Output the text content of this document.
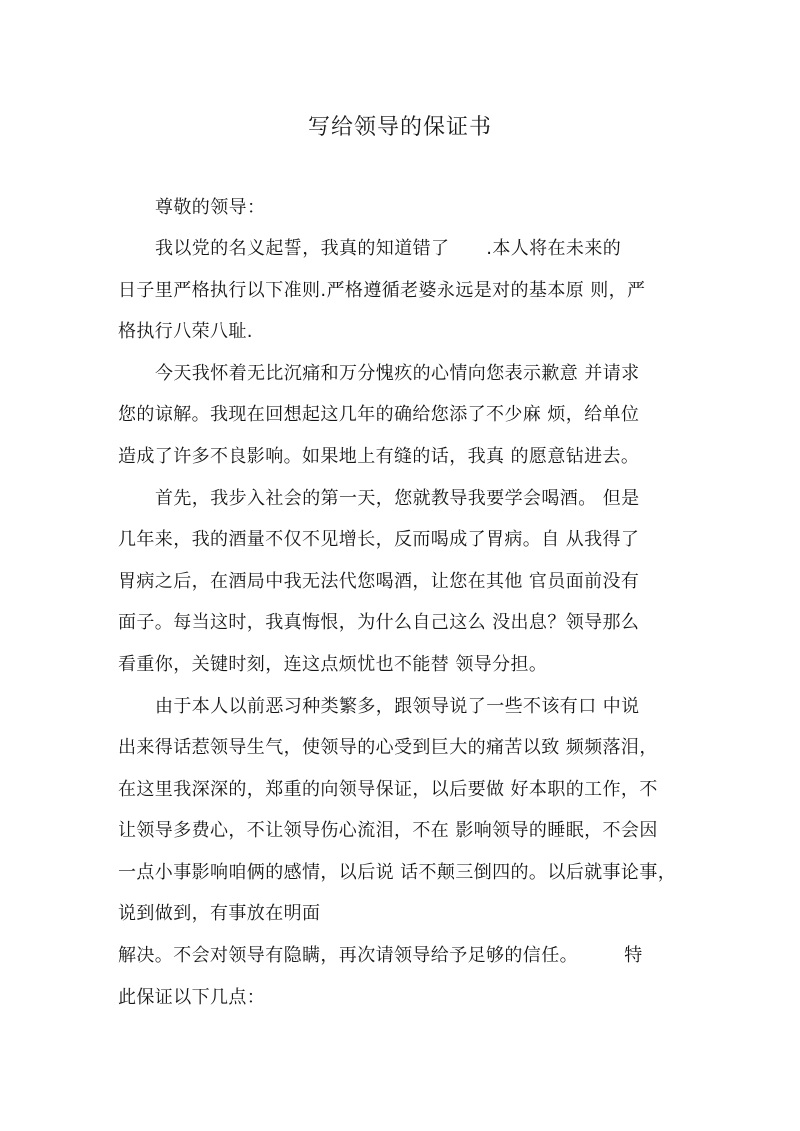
写给领导的保证书
尊敬的领导：
我以党的名义起誓，我真的知道错了　　.本人将在未来的
日子里严格执行以下准则.严格遵循老婆永远是对的基本原 则，严
格执行八荣八耻.
今天我怀着无比沉痛和万分愧疚的心情向您表示歉意 并请求
您的谅解。我现在回想起这几年的确给您添了不少麻 烦，给单位
造成了许多不良影响。如果地上有缝的话，我真 的愿意钻进去。
首先，我步入社会的第一天，您就教导我要学会喝酒。 但是
几年来，我的酒量不仅不见增长，反而喝成了胃病。自 从我得了
胃病之后，在酒局中我无法代您喝酒，让您在其他 官员面前没有
面子。每当这时，我真悔恨，为什么自己这么 没出息？领导那么
看重你，关键时刻，连这点烦忧也不能替 领导分担。
由于本人以前恶习种类繁多，跟领导说了一些不该有口 中说
出来得话惹领导生气，使领导的心受到巨大的痛苦以致 频频落泪，
在这里我深深的，郑重的向领导保证，以后要做 好本职的工作，不
让领导多费心，不让领导伤心流泪，不在 影响领导的睡眠，不会因
一点小事影响咱俩的感情，以后说 话不颠三倒四的。以后就事论事，
说到做到，有事放在明面
解决。不会对领导有隐瞒，再次请领导给予足够的信任。　　　特
此保证以下几点：
